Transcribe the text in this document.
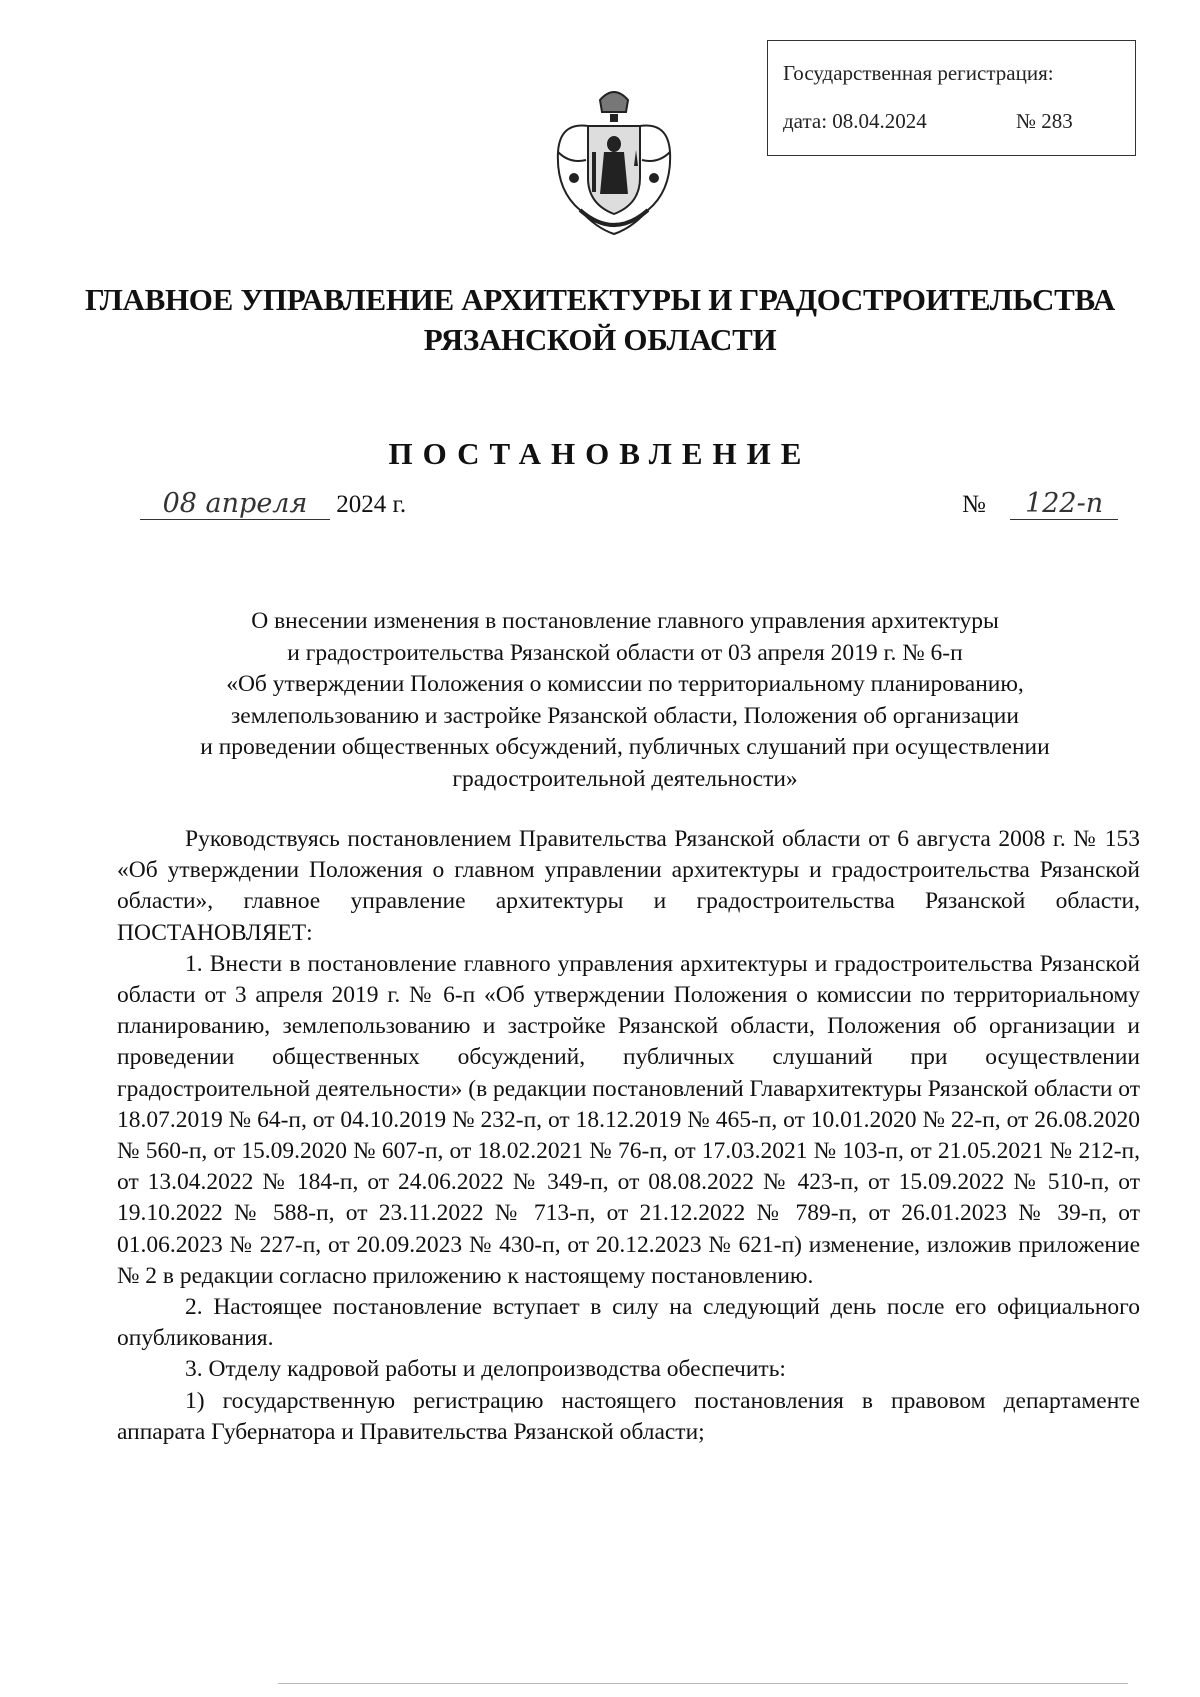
Государственная регистрация:
дата: 08.04.2024	№ 283
ГЛАВНОЕ УПРАВЛЕНИЕ АРХИТЕКТУРЫ И ГРАДОСТРОИТЕЛЬСТВА
РЯЗАНСКОЙ ОБЛАСТИ
ПОСТАНОВЛЕНИЕ
08 апреля 2024 г.	№ 122-п
О внесении изменения в постановление главного управления архитектуры
и градостроительства Рязанской области от 03 апреля 2019 г. № 6-п
«Об утверждении Положения о комиссии по территориальному планированию,
землепользованию и застройке Рязанской области, Положения об организации
и проведении общественных обсуждений, публичных слушаний при осуществлении
градостроительной деятельности»

Руководствуясь постановлением Правительства Рязанской области от 6 августа 2008 г. № 153 «Об утверждении Положения о главном управлении архитектуры и градостроительства Рязанской области», главное управление архитектуры и градостроительства Рязанской области, ПОСТАНОВЛЯЕТ:

1. Внести в постановление главного управления архитектуры и градостроительства Рязанской области от 3 апреля 2019 г. № 6-п «Об утверждении Положения о комиссии по территориальному планированию, землепользованию и застройке Рязанской области, Положения об организации и проведении общественных обсуждений, публичных слушаний при осуществлении градостроительной деятельности» (в редакции постановлений Главархитектуры Рязанской области от 18.07.2019 № 64-п, от 04.10.2019 № 232-п, от 18.12.2019 № 465-п, от 10.01.2020 № 22-п, от 26.08.2020 № 560-п, от 15.09.2020 № 607-п, от 18.02.2021 № 76-п, от 17.03.2021 № 103-п, от 21.05.2021 № 212-п, от 13.04.2022 № 184-п, от 24.06.2022 № 349-п, от 08.08.2022 № 423-п, от 15.09.2022 № 510-п, от 19.10.2022 № 588-п, от 23.11.2022 № 713-п, от 21.12.2022 № 789-п, от 26.01.2023 № 39-п, от 01.06.2023 № 227-п, от 20.09.2023 № 430-п, от 20.12.2023 № 621-п) изменение, изложив приложение № 2 в редакции согласно приложению к настоящему постановлению.

2. Настоящее постановление вступает в силу на следующий день после его официального опубликования.

3. Отделу кадровой работы и делопроизводства обеспечить:

1) государственную регистрацию настоящего постановления в правовом департаменте аппарата Губернатора и Правительства Рязанской области;
